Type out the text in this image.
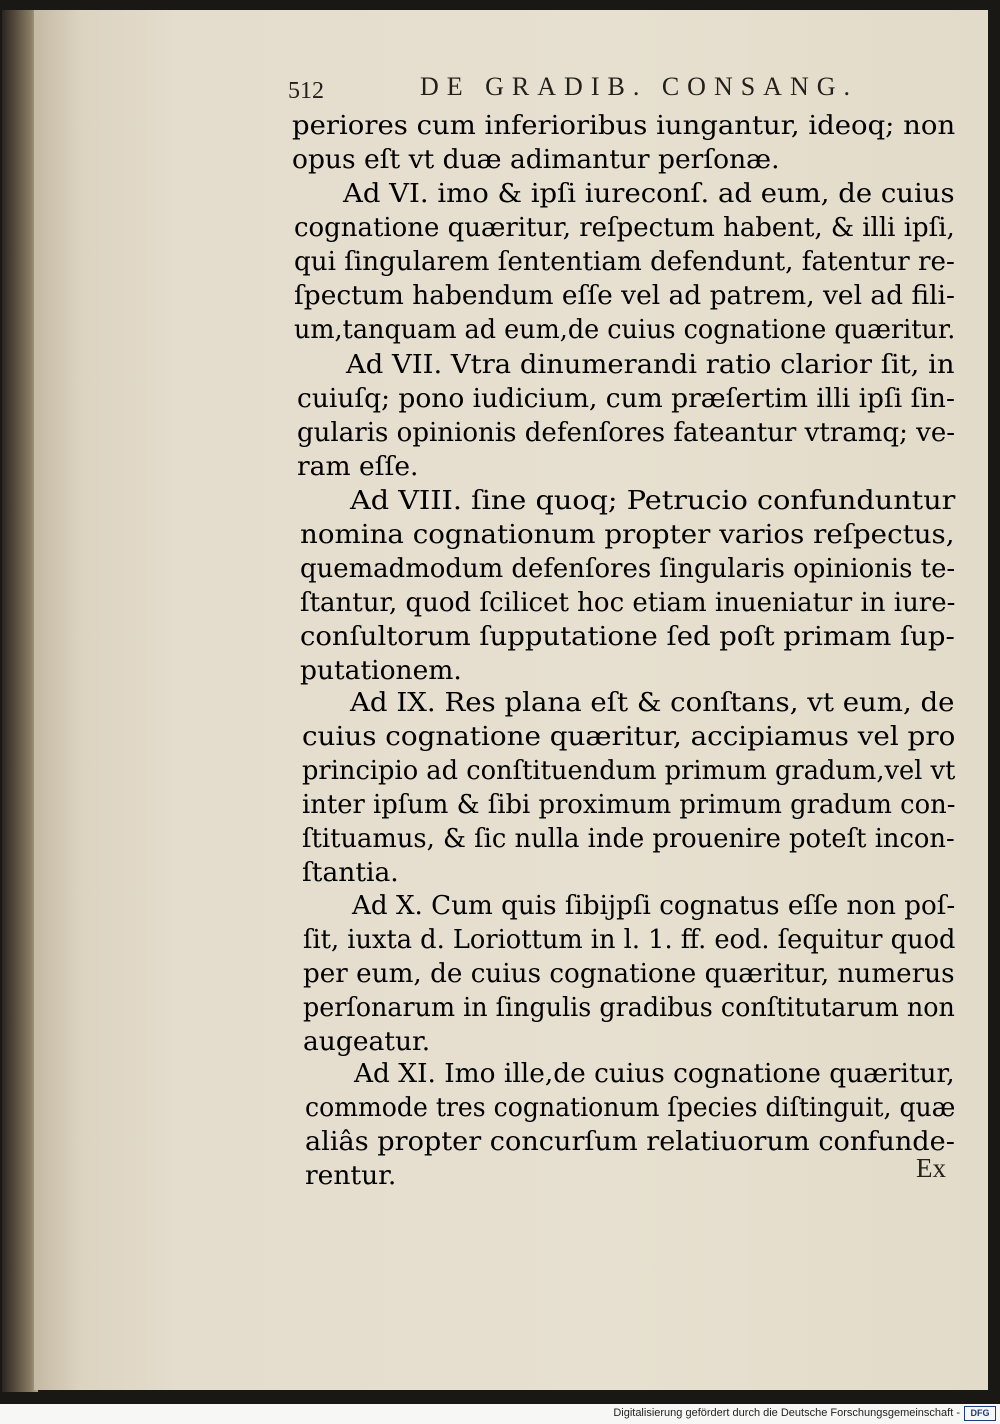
512	DE GRADIB. CONSANG.
periores cum inferioribus iungantur, ideoq; non
opus eſt vt duæ adimantur perſonæ.
Ad VI. imo & ipſi iureconſ. ad eum, de cuius
cognatione quæritur, reſpectum habent, & illi ipſi,
qui ſingularem ſententiam defendunt, fatentur re-
ſpectum habendum eſſe vel ad patrem, vel ad fili-
um,tanquam ad eum,de cuius cognatione quæritur.
Ad VII. Vtra dinumerandi ratio clarior ſit, in
cuiuſq; pono iudicium, cum præſertim illi ipſi ſin-
gularis opinionis defenſores fateantur vtramq; ve-
ram eſſe.
Ad VIII. ſine quoq; Petrucio confunduntur
nomina cognationum propter varios reſpectus,
quemadmodum defenſores ſingularis opinionis te-
ſtantur, quod ſcilicet hoc etiam inueniatur in iure-
conſultorum ſupputatione ſed poſt primam ſup-
putationem.
Ad IX. Res plana eſt & conſtans, vt eum, de
cuius cognatione quæritur, accipiamus vel pro
principio ad conſtituendum primum gradum,vel vt
inter ipſum & ſibi proximum primum gradum con-
ſtituamus, & ſic nulla inde prouenire poteſt incon-
ſtantia.
Ad X. Cum quis ſibijpſi cognatus eſſe non poſ-
ſit, iuxta d. Loriottum in l. 1. ff. eod. ſequitur quod
per eum, de cuius cognatione quæritur, numerus
perſonarum in ſingulis gradibus conſtitutarum non
augeatur.
Ad XI. Imo ille,de cuius cognatione quæritur,
commode tres cognationum ſpecies diſtinguit, quæ
aliâs propter concurſum relatiuorum confunde-
rentur.	Ex
Digitalisierung gefördert durch die Deutsche Forschungsgemeinschaft -	DFG
